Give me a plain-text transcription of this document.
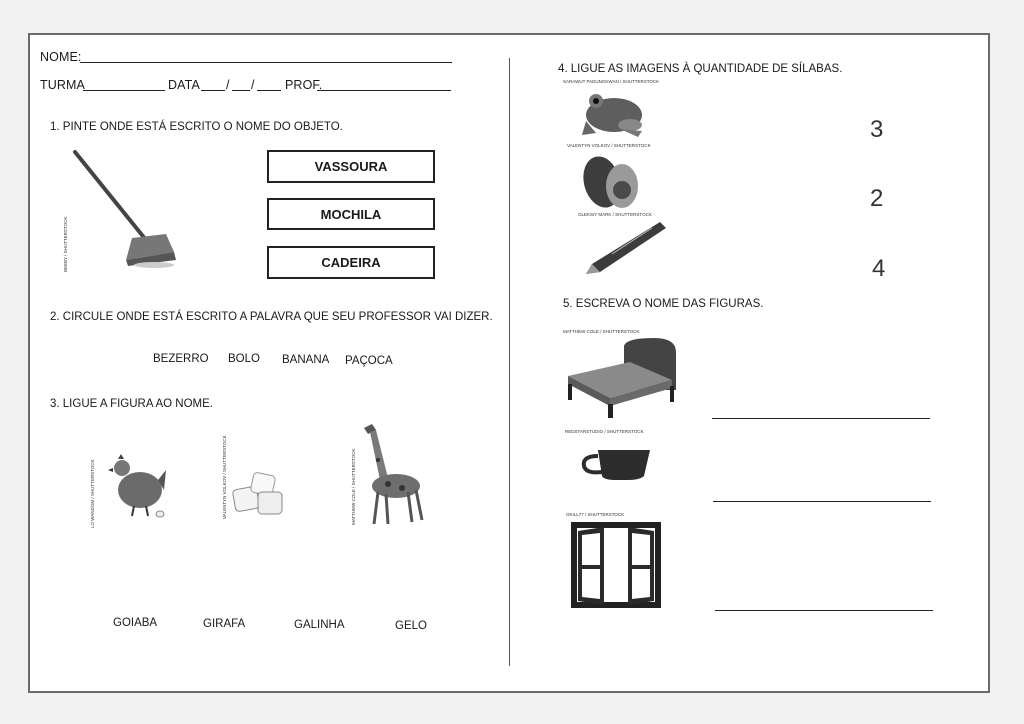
NOME:
TURMA	DATA / / PROF.
1. PINTE ONDE ESTÁ ESCRITO O NOME DO OBJETO.
BEEBY / SHUTTERSTOCK
VASSOURA
MOCHILA
CADEIRA
2. CIRCULE ONDE ESTÁ ESCRITO A PALAVRA QUE SEU PROFESSOR VAI DIZER.
BEZERRO BOLO BANANA PAÇOCA
3. LIGUE A FIGURA AO NOME.
LO WANDOM / SHUTTERSTOCK	VALENTYN VOLKOV / SHUTTERSTOCK	MATTHEW COLE / SHUTTERSTOCK
GOIABA	GIRAFA	GALINHA	GELO
4. LIGUE AS IMAGENS À QUANTIDADE DE SÍLABAS.
SARAWUT PADUNGKWAN / SHUTTERSTOCK
VALENTYN VOLKOV / SHUTTERSTOCK
OLEKSIY MARK / SHUTTERSTOCK
3
2
4
5. ESCREVA O NOME DAS FIGURAS.
MATTHEW COLE / SHUTTERSTOCK
REDSTARSTUDIO / SHUTTERSTOCK
OKILL77 / SHUTTERSTOCK
